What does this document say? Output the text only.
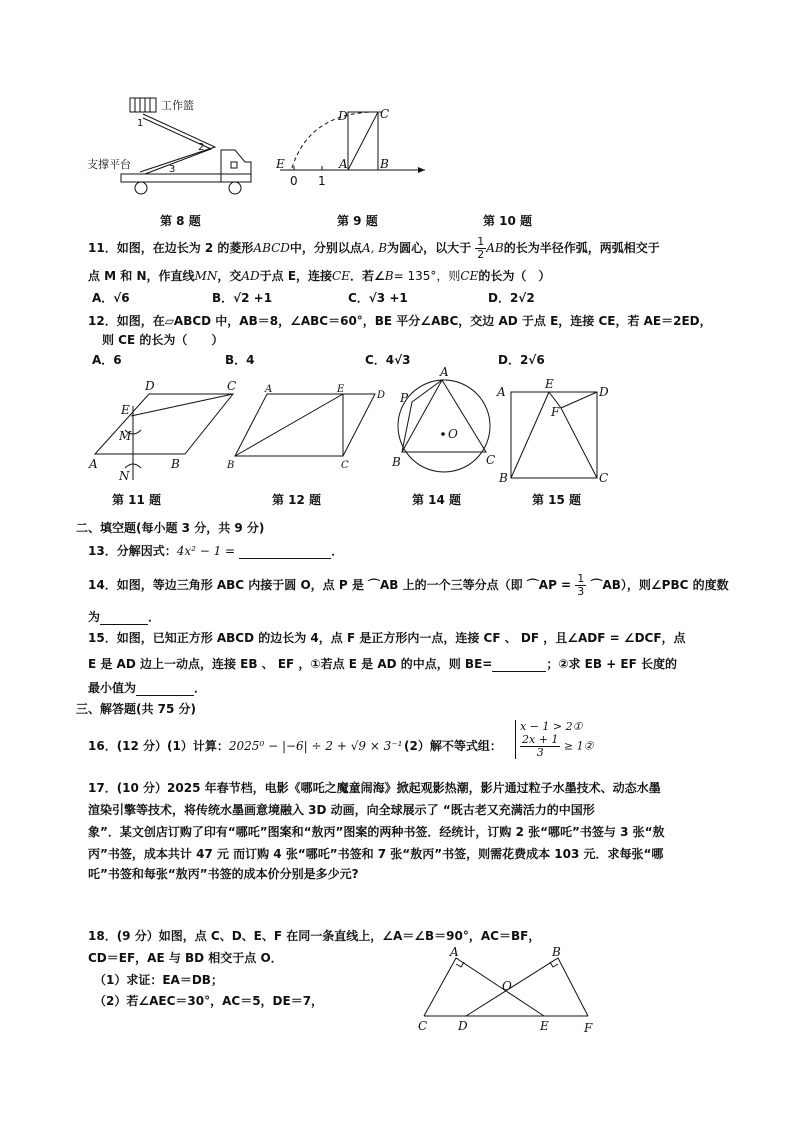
工作篮
1
2
3
支撑平台
D	C
E	A	B
0 1
第 8 题	第 9 题	第 10 题
11．如图，在边长为 2 的菱形ABCD中，分别以点A, B为圆心，以大于 $\frac{1}{2}$ AB的长为半径作弧，两弧相交于
点 M 和 N，作直线MN，交AD于点 E，连接CE．若∠B= 135°，则CE的长为（　）
A．√6	B．√2 +1	C．√3 +1	D．2√2
12．如图，在▱ABCD 中，AB＝8，∠ABC＝60°，BE 平分∠ABC，交边 AD 于点 E，连接 CE，若 AE＝2ED，
则 CE 的长为（　　）
A．6	B．4	C．4√3	D．2√6
D	C
E
M
A	B
N
A	E
D
B	C
A
P
O
B	C
A
E
D
F
B	C
第 11 题	第 12 题	第 14 题	第 15 题
二、填空题(每小题 3 分，共 9 分)
13．分解因式：4x² − 1 =	．
14．如图，等边三角形 ABC 内接于圆 O，点 P 是 ⌒AB 上的一个三等分点（即 ⌒AP = $\frac{1}{3}$ ⌒AB），则∠PBC 的度数
为	．
15．如图，已知正方形 ABCD 的边长为 4，点 F 是正方形内一点，连接 CF 、 DF ，且∠ADF = ∠DCF，点
E 是 AD 边上一动点，连接 EB 、 EF ，①若点 E 是 AD 的中点，则 BE=	；②求 EB + EF 长度的
最小值为	．
三、解答题(共 75 分)
16．(12 分）(1）计算：2025⁰ − |−6| ÷ 2 + √9 × 3⁻¹ (2）解不等式组：
x − 1 > 2①
$\frac{2x + 1}{3}$ ≥ 1②
17．(10 分）2025 年春节档，电影《哪吒之魔童闹海》掀起观影热潮，影片通过粒子水墨技术、动态水墨
渲染引擎等技术，将传统水墨画意境融入 3D 动画，向全球展示了 “既古老又充满活力的中国形
象”．某文创店订购了印有“哪吒”图案和“敖丙”图案的两种书签．经统计，订购 2 张“哪吒”书签与 3 张“敖
丙”书签，成本共计 47 元 而订购 4 张“哪吒”书签和 7 张“敖丙”书签，则需花费成本 103 元．求每张“哪
吒”书签和每张“敖丙”书签的成本价分别是多少元?
18．(9 分）如图，点 C、D、E、F 在同一条直线上，∠A＝∠B＝90°，AC＝BF，
CD＝EF，AE 与 BD 相交于点 O．
（1）求证：EA＝DB；
（2）若∠AEC＝30°，AC＝5，DE＝7，
A	B
O
C	D	E	F
